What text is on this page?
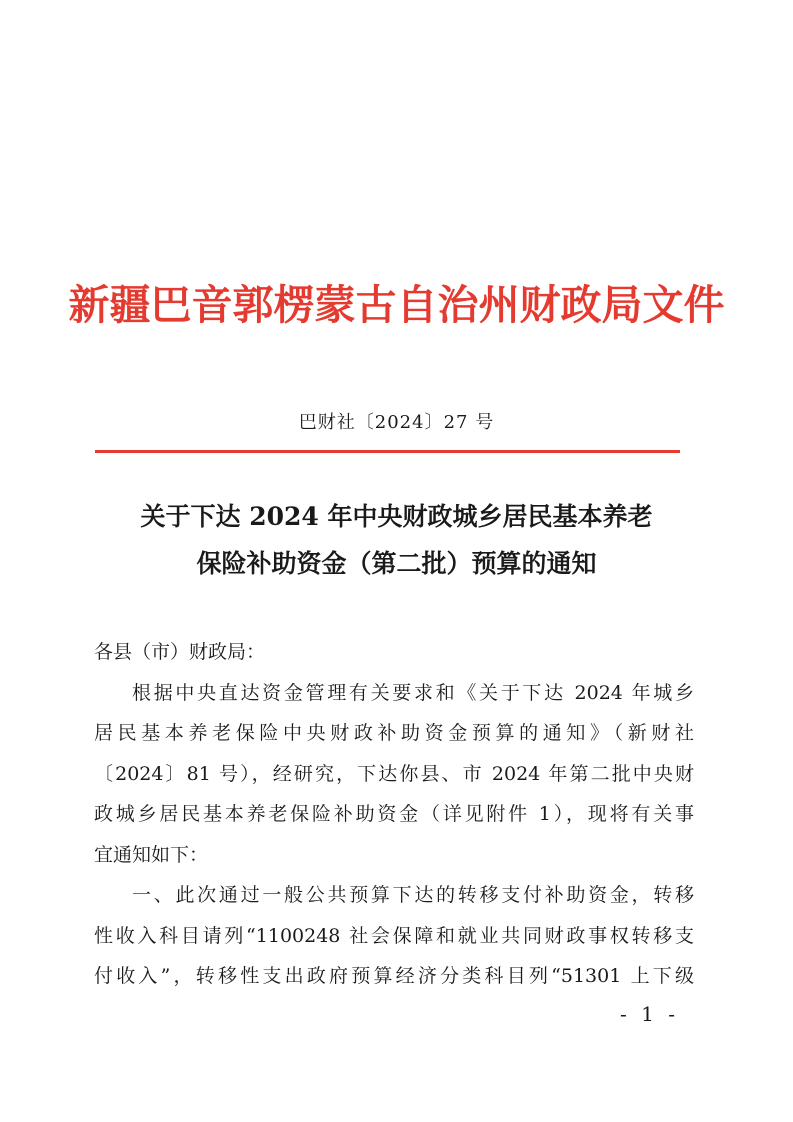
新疆巴音郭楞蒙古自治州财政局文件
巴财社〔2024〕27 号
关于下达 2024 年中央财政城乡居民基本养老
保险补助资金（第二批）预算的通知
各县（市）财政局：
根据中央直达资金管理有关要求和《关于下达 2024 年城乡
居民基本养老保险中央财政补助资金预算的通知》（新财社
〔2024〕81 号），经研究，下达你县、市 2024 年第二批中央财
政城乡居民基本养老保险补助资金（详见附件 1），现将有关事
宜通知如下：
一、此次通过一般公共预算下达的转移支付补助资金，转移
性收入科目请列“1100248 社会保障和就业共同财政事权转移支
付收入”，转移性支出政府预算经济分类科目列“51301 上下级
- 1 -
